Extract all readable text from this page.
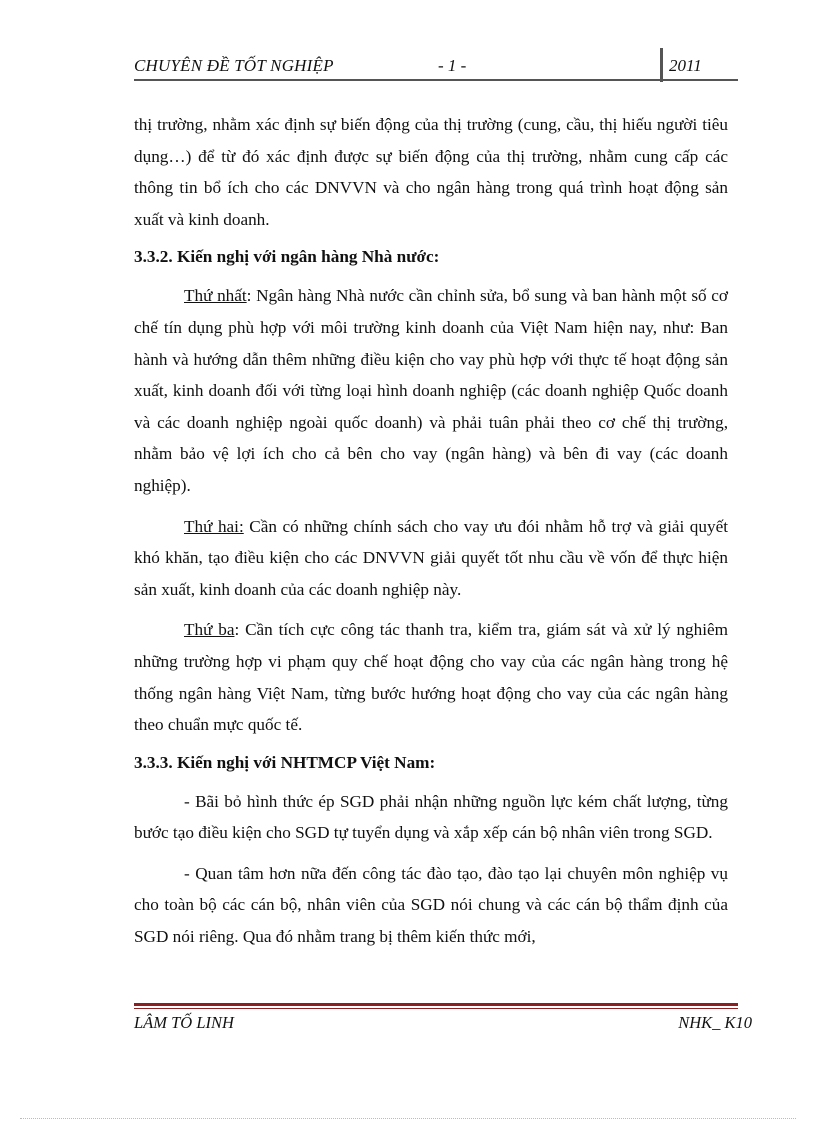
CHUYÊN ĐỀ TỐT NGHIỆP	- 1 -	2011

thị trường, nhằm xác định sự biến động của thị trường (cung, cầu, thị hiếu người tiêu dụng…) để từ đó xác định được sự biến động của thị trường, nhằm cung cấp các thông tin bổ ích cho các DNVVN và cho ngân hàng trong quá trình hoạt động sản xuất và kinh doanh.

3.3.2. Kiến nghị với ngân hàng Nhà nước:

Thứ nhất: Ngân hàng Nhà nước cần chỉnh sửa, bổ sung và ban hành một số cơ chế tín dụng phù hợp với môi trường kinh doanh của Việt Nam hiện nay, như: Ban hành và hướng dẫn thêm những điều kiện cho vay phù hợp với thực tế hoạt động sản xuất, kinh doanh đối với từng loại hình doanh nghiệp (các doanh nghiệp Quốc doanh và các doanh nghiệp ngoài quốc doanh) và phải tuân phải theo cơ chế thị trường, nhằm bảo vệ lợi ích cho cả bên cho vay (ngân hàng) và bên đi vay (các doanh nghiệp).

Thứ hai: Cần có những chính sách cho vay ưu đói nhằm hỗ trợ và giải quyết khó khăn, tạo điều kiện cho các DNVVN giải quyết tốt nhu cầu về vốn để thực hiện sản xuất, kinh doanh của các doanh nghiệp này.

Thứ ba: Cần tích cực công tác thanh tra, kiểm tra, giám sát và xử lý nghiêm những trường hợp vi phạm quy chế hoạt động cho vay của các ngân hàng trong hệ thống ngân hàng Việt Nam, từng bước hướng hoạt động cho vay của các ngân hàng theo chuẩn mực quốc tế.

3.3.3. Kiến nghị với NHTMCP Việt Nam:

- Bãi bỏ hình thức ép SGD phải nhận những nguồn lực kém chất lượng, từng bước tạo điều kiện cho SGD tự tuyển dụng và xắp xếp cán bộ nhân viên trong SGD.

- Quan tâm hơn nữa đến công tác đào tạo, đào tạo lại chuyên môn nghiệp vụ cho toàn bộ các cán bộ, nhân viên của SGD nói chung và các cán bộ thẩm định của SGD nói riêng. Qua đó nhằm trang bị thêm kiến thức mới,

LÂM TỐ LINH	NHK_ K10
